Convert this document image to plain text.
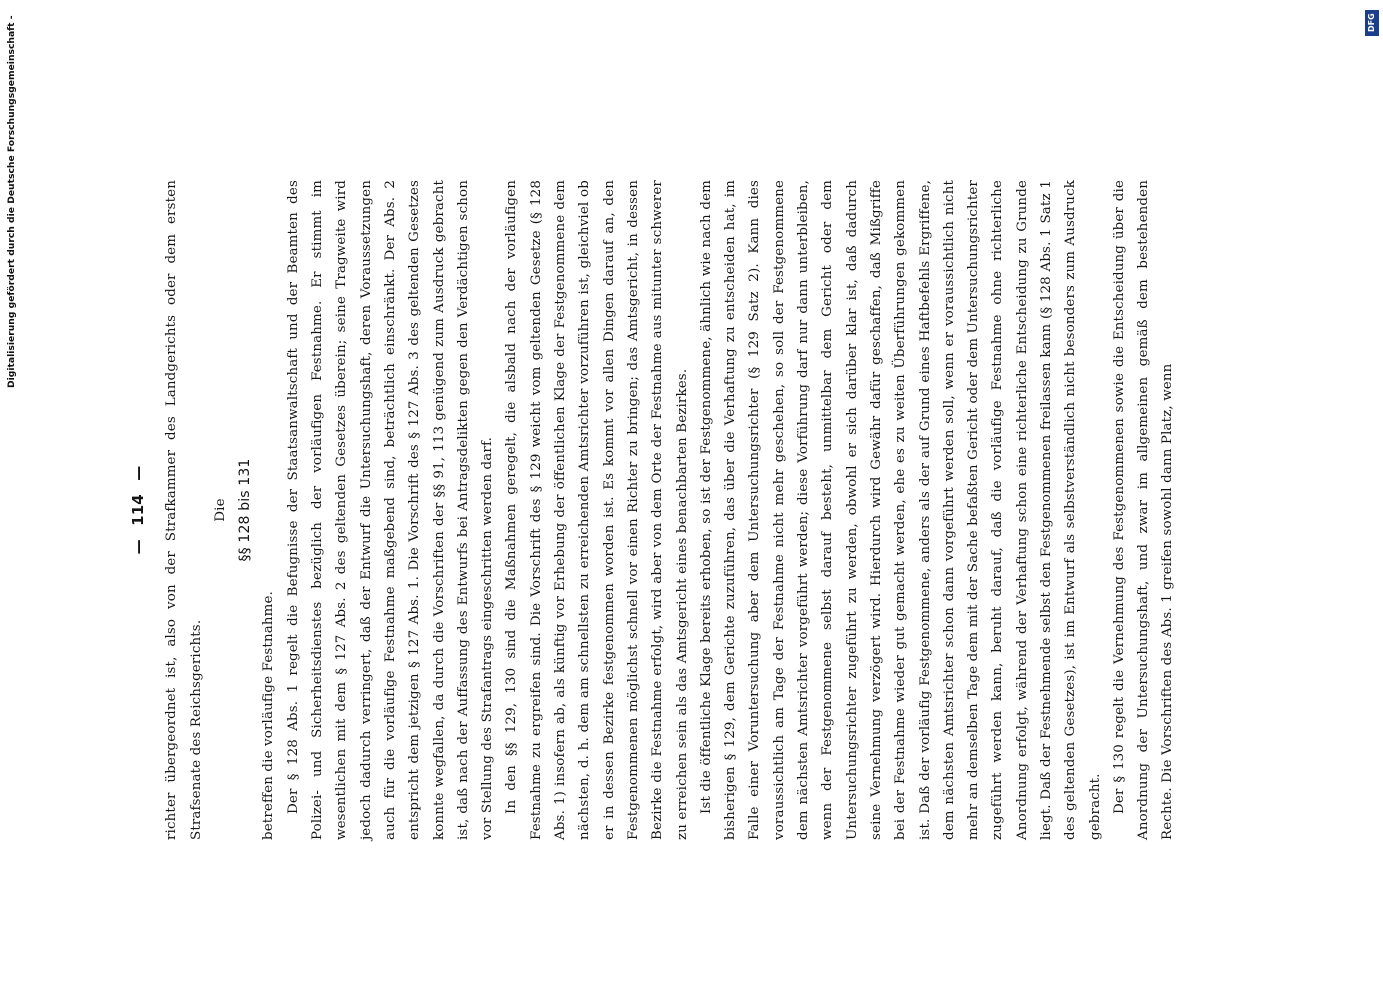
— 114 — richter übergeordnet ist, also von der Strafkammer des Landgerichts oder dem ersten Strafsenate des Reichsgerichts.

Die §§ 128 bis 131

betreffen die vorläufige Festnahme. Der § 128 Abs. 1 regelt die Befugnisse der Staatsanwaltschaft und der Beamten des Polizei- und Sicherheitsdienstes bezüglich der vorläufigen Festnahme. Er stimmt im wesentlichen mit dem § 127 Abs. 2 des geltenden Gesetzes überein; seine Tragweite wird jedoch dadurch verringert, daß der Entwurf die Untersuchungshaft, deren Voraussetzungen auch für die vorläufige Festnahme maßgebend sind, beträchtlich einschränkt. Der Abs. 2 entspricht dem jetzigen § 127 Abs. 1. Die Vorschrift des § 127 Abs. 3 des geltenden Gesetzes konnte wegfallen, da durch die Vorschriften der §§ 91, 113 genügend zum Ausdruck gebracht ist, daß nach der Auffassung des Entwurfs bei Antragsdelikten gegen den Verdächtigen schon vor Stellung des Strafantrags eingeschritten werden darf. In den §§ 129, 130 sind die Maßnahmen geregelt, die alsbald nach der vorläufigen Festnahme zu ergreifen sind. Die Vorschrift des § 129 weicht vom geltenden Gesetze (§ 128 Abs. 1) insofern ab, als künftig vor Erhebung der öffentlichen Klage der Festgenommene dem nächsten, d. h. dem am schnellsten zu erreichenden Amtsrichter vorzuführen ist, gleichviel ob er in dessen Bezirke festgenommen worden ist. Es kommt vor allen Dingen darauf an, den Festgenommenen möglichst schnell vor einen Richter zu bringen; das Amtsgericht, in dessen Bezirke die Festnahme erfolgt, wird aber von dem Orte der Festnahme aus mitunter schwerer zu erreichen sein als das Amtsgericht eines benachbarten Bezirkes. Ist die öffentliche Klage bereits erhoben, so ist der Festgenommene, ähnlich wie nach dem bisherigen § 129, dem Gerichte zuzuführen, das über die Verhaftung zu entscheiden hat, im Falle einer Voruntersuchung aber dem Untersuchungsrichter (§ 129 Satz 2). Kann dies voraussichtlich am Tage der Festnahme nicht mehr geschehen, so soll der Festgenommene dem nächsten Amtsrichter vorgeführt werden; diese Vorführung darf nur dann unterbleiben, wenn der Festgenommene selbst darauf besteht, unmittelbar dem Gericht oder dem Untersuchungsrichter zugeführt zu werden, obwohl er sich darüber klar ist, daß dadurch seine Vernehmung verzögert wird. Hierdurch wird Gewähr dafür geschaffen, daß Mißgriffe bei der Festnahme wieder gut gemacht werden, ehe es zu weiten Überführungen gekommen ist. Daß der vorläufig Festgenommene, anders als der auf Grund eines Haftbefehls Ergriffene, dem nächsten Amtsrichter schon dann vorgeführt werden soll, wenn er voraussichtlich nicht mehr an demselben Tage dem mit der Sache befaßten Gericht oder dem Untersuchungsrichter zugeführt werden kann, beruht darauf, daß die vorläufige Festnahme ohne richterliche Anordnung erfolgt, während der Verhaftung schon eine richterliche Entscheidung zu Grunde liegt. Daß der Festnehmende selbst den Festgenommenen freilassen kann (§ 128 Abs. 1 Satz 1 des geltenden Gesetzes), ist im Entwurf als selbstverständlich nicht besonders zum Ausdruck gebracht. Der § 130 regelt die Vernehmung des Festgenommenen sowie die Entscheidung über die Anordnung der Untersuchungshaft, und zwar im allgemeinen gemäß dem bestehenden Rechte. Die Vorschriften des Abs. 1 greifen sowohl dann Platz, wenn

DFG
Digitalisierung gefördert durch die Deutsche Forschungsgemeinschaft -
